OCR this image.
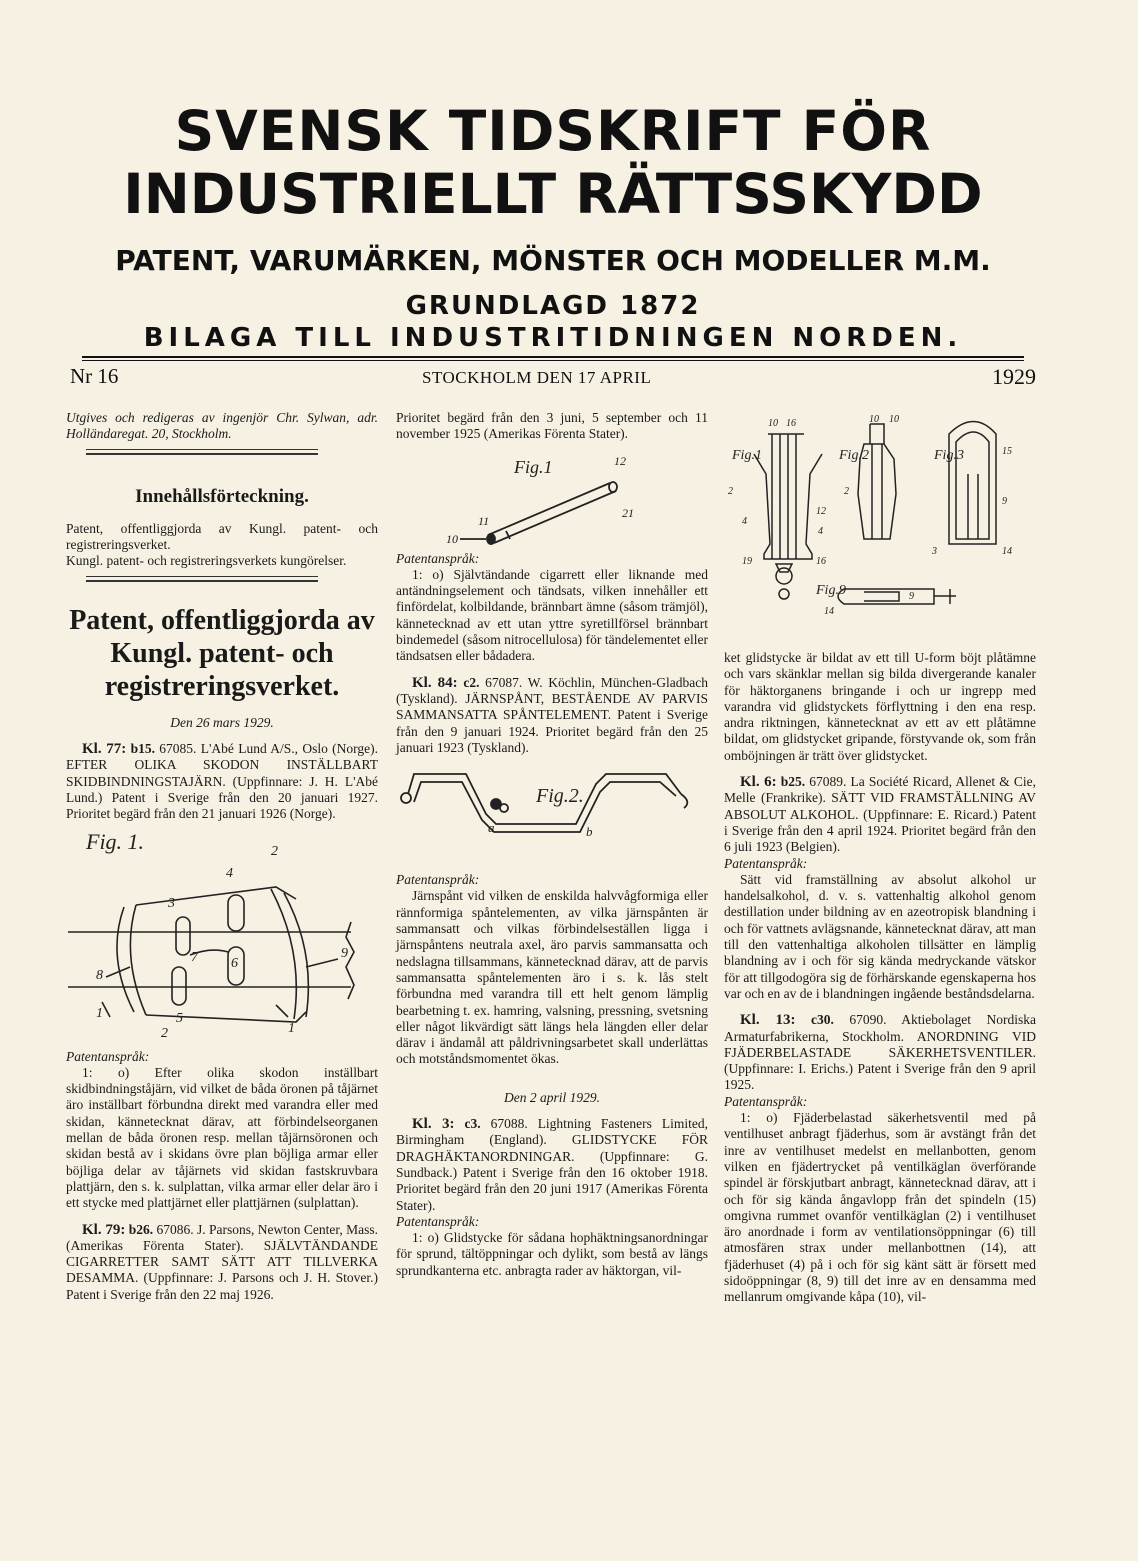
SVENSK TIDSKRIFT FÖR
INDUSTRIELLT RÄTTSSKYDD
PATENT, VARUMÄRKEN, MÖNSTER OCH MODELLER M.M.
GRUNDLAGD 1872
BILAGA TILL INDUSTRITIDNINGEN NORDEN.
Nr 16	STOCKHOLM DEN 17 APRIL	1929

Utgives och redigeras av ingenjör Chr. Sylwan, adr. Holländaregat. 20, Stockholm.

Innehållsförteckning.

Patent, offentliggjorda av Kungl. patent- och registreringsverket.

Kungl. patent- och registreringsverkets kungörelser.

Patent, offentliggjorda av Kungl. patent- och registreringsverket.

Den 26 mars 1929.

Kl. 77: b15. 67085. L'Abé Lund A/S., Oslo (Norge). EFTER OLIKA SKODON INSTÄLLBART SKIDBINDNINGSTAJÄRN. (Uppfinnare: J. H. L'Abé Lund.) Patent i Sverige från den 20 januari 1927. Prioritet begärd från den 21 januari 1926 (Norge).

Fig. 1.	2
4
3
7 6
5
8
9
1
2	1

Patentanspråk:

1: o) Efter olika skodon inställbart skidbindningståjärn, vid vilket de båda öronen på tåjärnet äro inställbart förbundna direkt med varandra eller med skidan, kännetecknat därav, att förbindelseorganen mellan de båda öronen resp. mellan tåjärnsöronen och skidan bestå av i skidans övre plan böjliga armar eller böjliga delar av tåjärnets vid skidan fastskruvbara plattjärn, den s. k. sulplattan, vilka armar eller delar äro i ett stycke med plattjärnet eller plattjärnen (sulplattan).

Kl. 79: b26. 67086. J. Parsons, Newton Center, Mass. (Amerikas Förenta Stater). SJÄLVTÄNDANDE CIGARRETTER SAMT SÄTT ATT TILLVERKA DESAMMA. (Uppfinnare: J. Parsons och J. H. Stover.) Patent i Sverige från den 22 maj 1926.

Prioritet begärd från den 3 juni, 5 september och 11 november 1925 (Amerikas Förenta Stater).

Fig.1	12
21
11
10

Patentanspråk:

1: o) Självtändande cigarrett eller liknande med antändningselement och tändsats, vilken innehåller ett finfördelat, kolbildande, brännbart ämne (såsom trämjöl), kännetecknad av ett utan yttre syretillförsel brännbart bindemedel (såsom nitrocellulosa) för tändelementet eller tändsatsen eller bådadera.

Kl. 84: c2. 67087. W. Köchlin, München-Gladbach (Tyskland). JÄRNSPÅNT, BESTÅENDE AV PARVIS SAMMANSATTA SPÅNTELEMENT. Patent i Sverige från den 9 januari 1924. Prioritet begärd från den 25 januari 1923 (Tyskland).

Fig.2.
a	b

Patentanspråk:

Järnspånt vid vilken de enskilda halvvågformiga eller rännformiga spåntelementen, av vilka järnspånten är sammansatt och vilkas förbindelseställen ligga i järnspåntens neutrala axel, äro parvis sammansatta och nedslagna tillsammans, kännetecknad därav, att de parvis sammansatta spåntelementen äro i s. k. lås stelt förbundna med varandra till ett helt genom lämplig bearbetning t. ex. hamring, valsning, pressning, svetsning eller något likvärdigt sätt längs hela längden eller delar därav i ändamål att påldrivningsarbetet skall underlättas och motståndsmomentet ökas.

Den 2 april 1929.

Kl. 3: c3. 67088. Lightning Fasteners Limited, Birmingham (England). GLIDSTYCKE FÖR DRAGHÄKTANORDNINGAR. (Uppfinnare: G. Sundback.) Patent i Sverige från den 16 oktober 1918. Prioritet begärd från den 20 juni 1917 (Amerikas Förenta Stater).

Patentanspråk:

1: o) Glidstycke för sådana hophäktningsanordningar för sprund, tältöppningar och dylikt, som bestå av längs sprundkanterna etc. anbragta rader av häktorgan, vil-

Fig.1	Fig.2	Fig.3
Fig.9
10 16
2
4
12
4
19	16
10 10
2
15
9
3	14
9
14

ket glidstycke är bildat av ett till U-form böjt plåtämne och vars skänklar mellan sig bilda divergerande kanaler för häktorganens bringande i och ur ingrepp med varandra vid glidstyckets förflyttning i den ena resp. andra riktningen, kännetecknat av ett av ett plåtämne bildat, om glidstycket gripande, förstyvande ok, som från omböjningen är trätt över glidstycket.

Kl. 6: b25. 67089. La Société Ricard, Allenet & Cie, Melle (Frankrike). SÄTT VID FRAMSTÄLLNING AV ABSOLUT ALKOHOL. (Uppfinnare: E. Ricard.) Patent i Sverige från den 4 april 1924. Prioritet begärd från den 6 juli 1923 (Belgien).

Patentanspråk:

Sätt vid framställning av absolut alkohol ur handelsalkohol, d. v. s. vattenhaltig alkohol genom destillation under bildning av en azeotropisk blandning i och för vattnets avlägsnande, kännetecknat därav, att man till den vattenhaltiga alkoholen tillsätter en lämplig blandning av i och för sig kända medryckande vätskor för att tillgodogöra sig de förhärskande egenskaperna hos var och en av de i blandningen ingående beståndsdelarna.

Kl. 13: c30. 67090. Aktiebolaget Nordiska Armaturfabrikerna, Stockholm. ANORDNING VID FJÄDERBELASTADE SÄKERHETSVENTILER. (Uppfinnare: I. Erichs.) Patent i Sverige från den 9 april 1925.

Patentanspråk:

1: o) Fjäderbelastad säkerhetsventil med på ventilhuset anbragt fjäderhus, som är avstängt från det inre av ventilhuset medelst en mellanbotten, genom vilken en fjädertrycket på ventilkäglan överförande spindel är förskjutbart anbragt, kännetecknad därav, att i och för sig kända ångavlopp från det spindeln (15) omgivna rummet ovanför ventilkäglan (2) i ventilhuset äro anordnade i form av ventilationsöppningar (6) till atmosfären strax under mellanbottnen (14), att fjäderhuset (4) på i och för sig känt sätt är försett med sidoöppningar (8, 9) till det inre av en densamma med mellanrum omgivande kåpa (10), vil-
